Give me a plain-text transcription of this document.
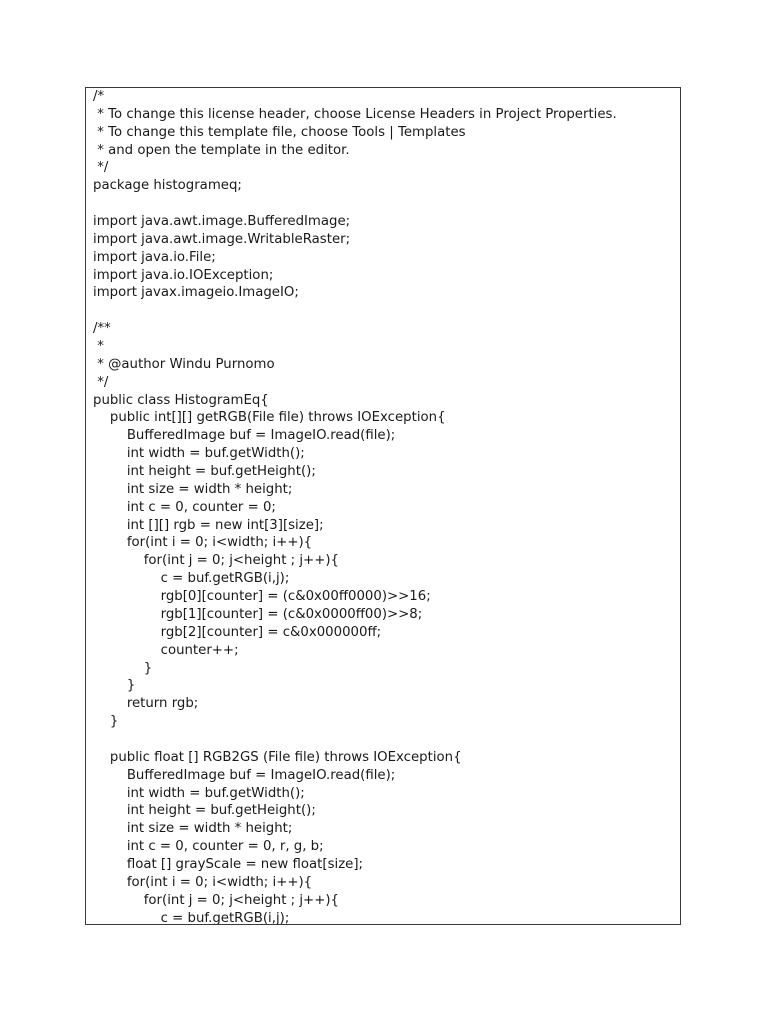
/*
* To change this license header, choose License Headers in Project Properties.
* To change this template file, choose Tools | Templates
* and open the template in the editor.
*/
package histogrameq;
import java.awt.image.BufferedImage;
import java.awt.image.WritableRaster;
import java.io.File;
import java.io.IOException;
import javax.imageio.ImageIO;
/**
*
* @author Windu Purnomo
*/
public class HistogramEq{
public int[][] getRGB(File file) throws IOException{
BufferedImage buf = ImageIO.read(file);
int width = buf.getWidth();
int height = buf.getHeight();
int size = width * height;
int c = 0, counter = 0;
int [][] rgb = new int[3][size];
for(int i = 0; i<width; i++){
for(int j = 0; j<height ; j++){
c = buf.getRGB(i,j);
rgb[0][counter] = (c&0x00ff0000)>>16;
rgb[1][counter] = (c&0x0000ff00)>>8;
rgb[2][counter] = c&0x000000ff;
counter++;
}
}
return rgb;
}
public float [] RGB2GS (File file) throws IOException{
BufferedImage buf = ImageIO.read(file);
int width = buf.getWidth();
int height = buf.getHeight();
int size = width * height;
int c = 0, counter = 0, r, g, b;
float [] grayScale = new float[size];
for(int i = 0; i<width; i++){
for(int j = 0; j<height ; j++){
c = buf.getRGB(i,j);
